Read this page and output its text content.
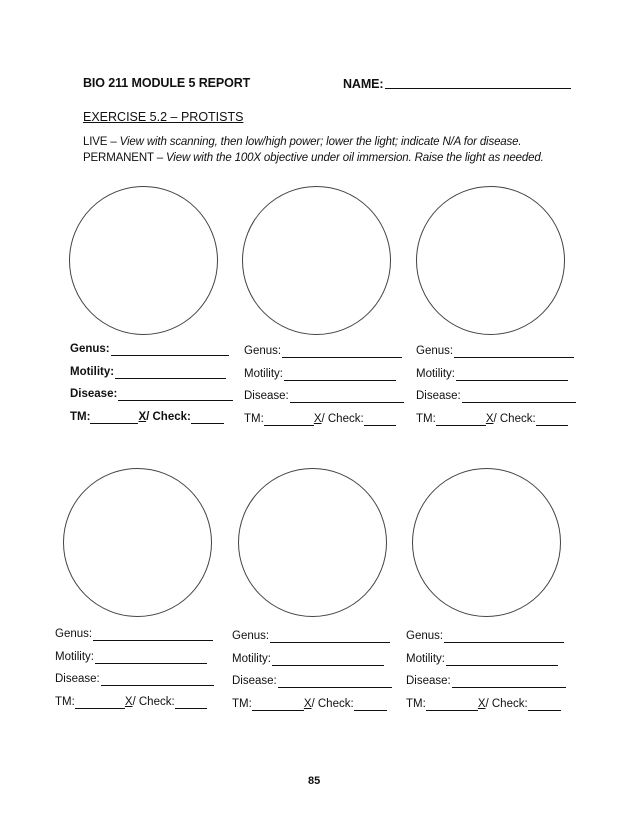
BIO 211 MODULE 5 REPORT	NAME:
EXERCISE 5.2 – PROTISTS
LIVE – View with scanning, then low/high power; lower the light; indicate N/A for disease.
PERMANENT – View with the 100X objective under oil immersion. Raise the light as needed.
Genus:
Motility:
Disease:
TM:	X / Check:
Genus:
Motility:
Disease:
TM:	X / Check:
Genus:
Motility:
Disease:
TM:	X / Check:
Genus:
Motility:
Disease:
TM:	X / Check:
Genus:
Motility:
Disease:
TM:	X / Check:
Genus:
Motility:
Disease:
TM:	X / Check:
85
